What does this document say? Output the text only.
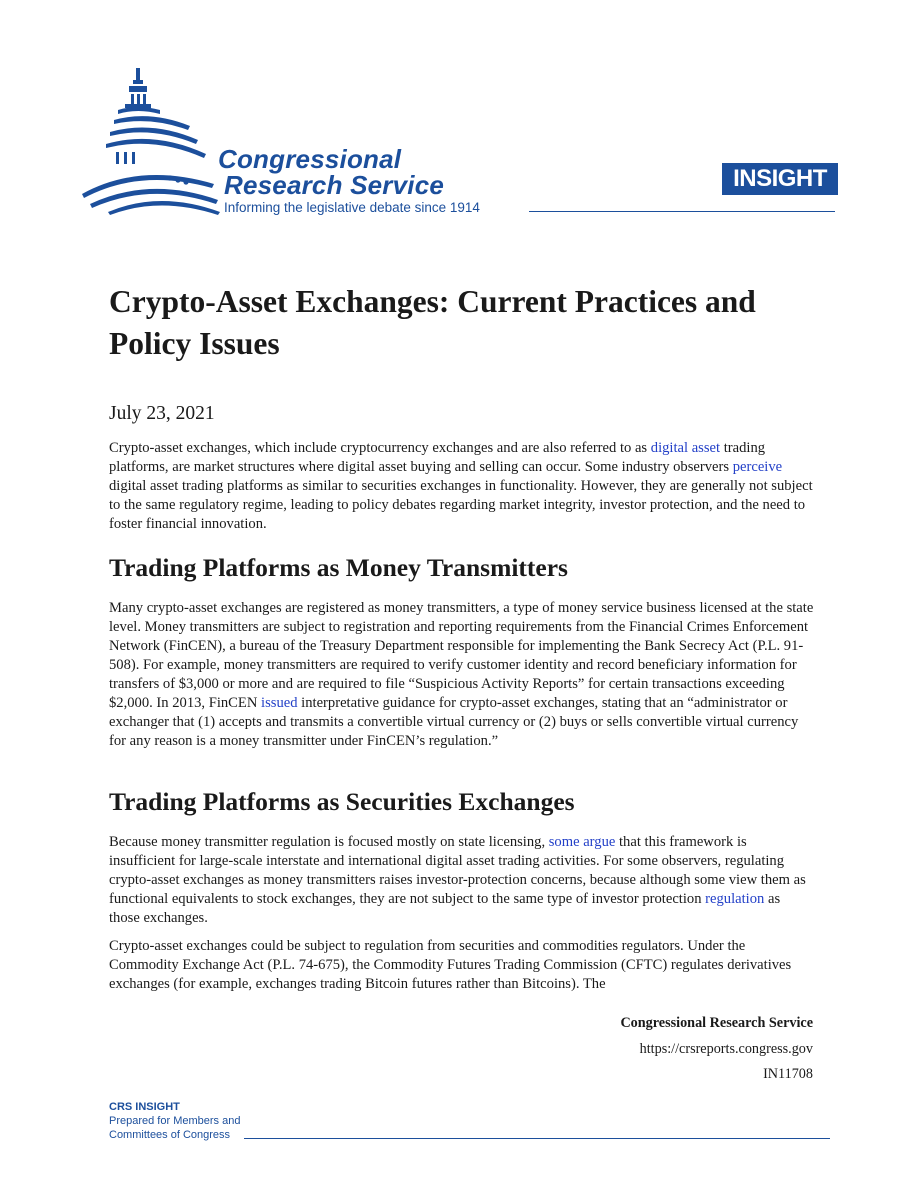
Congressional
Research Service
Informing the legislative debate since 1914
INSIGHT
Crypto-Asset Exchanges: Current Practices and Policy Issues
July 23, 2021

Crypto-asset exchanges, which include cryptocurrency exchanges and are also referred to as digital asset trading platforms, are market structures where digital asset buying and selling can occur. Some industry observers perceive digital asset trading platforms as similar to securities exchanges in functionality. However, they are generally not subject to the same regulatory regime, leading to policy debates regarding market integrity, investor protection, and the need to foster financial innovation.

Trading Platforms as Money Transmitters

Many crypto-asset exchanges are registered as money transmitters, a type of money service business licensed at the state level. Money transmitters are subject to registration and reporting requirements from the Financial Crimes Enforcement Network (FinCEN), a bureau of the Treasury Department responsible for implementing the Bank Secrecy Act (P.L. 91-508). For example, money transmitters are required to verify customer identity and record beneficiary information for transfers of $3,000 or more and are required to file “Suspicious Activity Reports” for certain transactions exceeding $2,000. In 2013, FinCEN issued interpretative guidance for crypto-asset exchanges, stating that an “administrator or exchanger that (1) accepts and transmits a convertible virtual currency or (2) buys or sells convertible virtual currency for any reason is a money transmitter under FinCEN’s regulation.”

Trading Platforms as Securities Exchanges

Because money transmitter regulation is focused mostly on state licensing, some argue that this framework is insufficient for large-scale interstate and international digital asset trading activities. For some observers, regulating crypto-asset exchanges as money transmitters raises investor-protection concerns, because although some view them as functional equivalents to stock exchanges, they are not subject to the same type of investor protection regulation as those exchanges.

Crypto-asset exchanges could be subject to regulation from securities and commodities regulators. Under the Commodity Exchange Act (P.L. 74-675), the Commodity Futures Trading Commission (CFTC) regulates derivatives exchanges (for example, exchanges trading Bitcoin futures rather than Bitcoins). The

Congressional Research Service
https://crsreports.congress.gov
IN11708
CRS INSIGHT
Prepared for Members and
Committees of Congress
